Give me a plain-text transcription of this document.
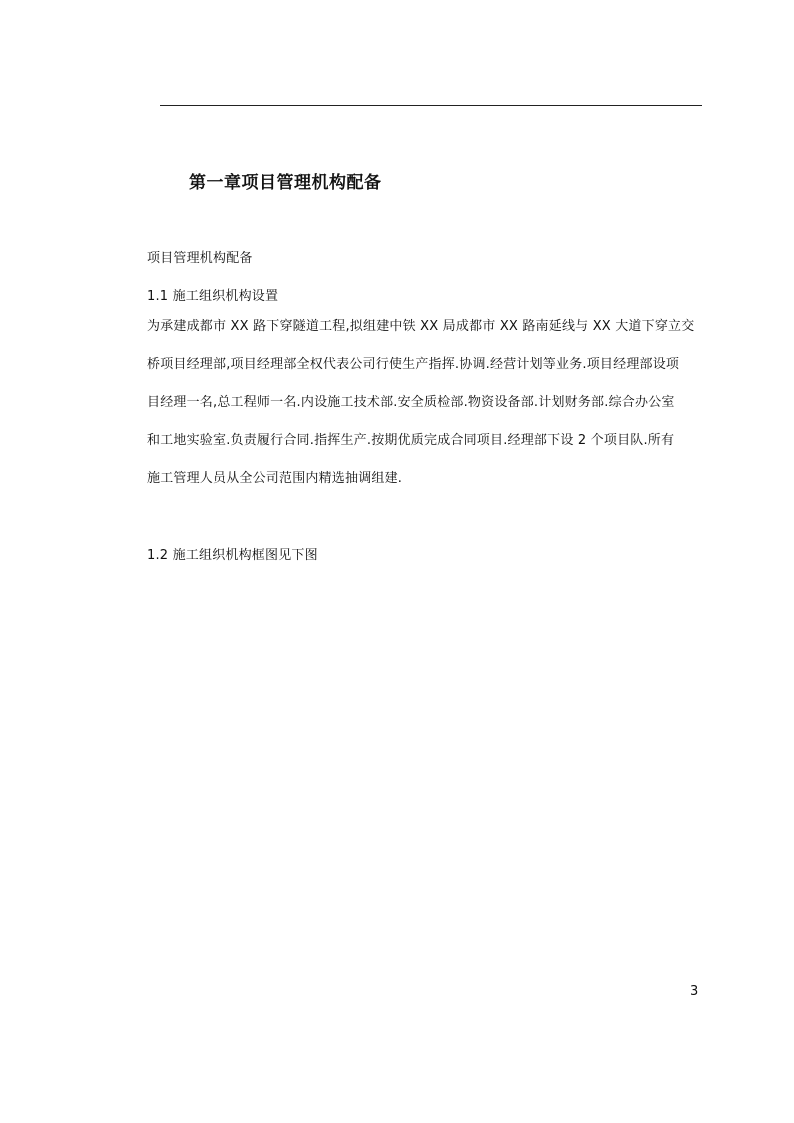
第一章项目管理机构配备
项目管理机构配备
1.1 施工组织机构设置
为承建成都市 XX 路下穿隧道工程,拟组建中铁 XX 局成都市 XX 路南延线与 XX 大道下穿立交
桥项目经理部,项目经理部全权代表公司行使生产指挥.协调.经营计划等业务.项目经理部设项
目经理一名,总工程师一名.内设施工技术部.安全质检部.物资设备部.计划财务部.综合办公室
和工地实验室.负责履行合同.指挥生产.按期优质完成合同项目.经理部下设 2 个项目队.所有
施工管理人员从全公司范围内精选抽调组建.
1.2 施工组织机构框图见下图
3
